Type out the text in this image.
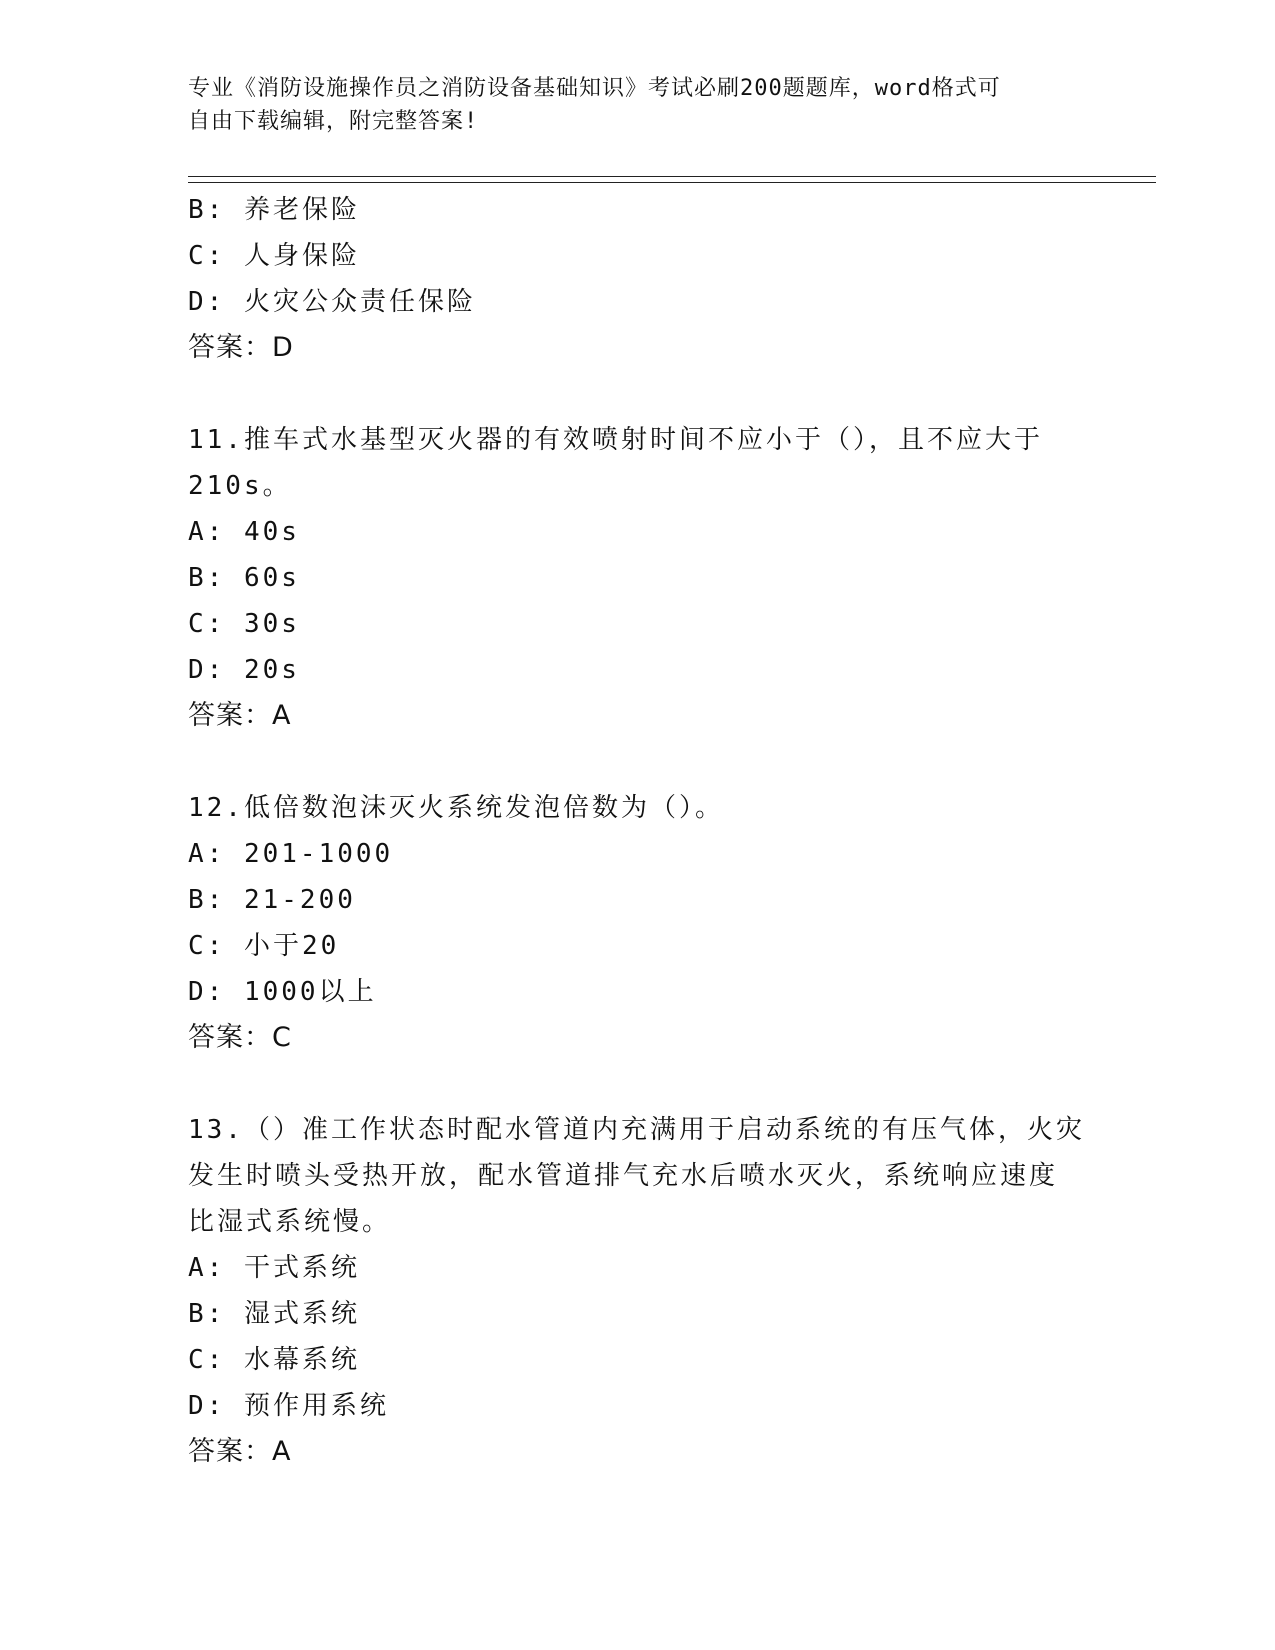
专业《消防设施操作员之消防设备基础知识》考试必刷200题题库，word格式可
自由下载编辑，附完整答案!
B: 养老保险
C: 人身保险
D: 火灾公众责任保险
答案：D
11.推车式水基型灭火器的有效喷射时间不应小于（），且不应大于
210s。
A: 40s
B: 60s
C: 30s
D: 20s
答案：A
12.低倍数泡沫灭火系统发泡倍数为（）。
A: 201-1000
B: 21-200
C: 小于20
D: 1000以上
答案：C
13.（）准工作状态时配水管道内充满用于启动系统的有压气体，火灾
发生时喷头受热开放，配水管道排气充水后喷水灭火，系统响应速度
比湿式系统慢。
A: 干式系统
B: 湿式系统
C: 水幕系统
D: 预作用系统
答案：A
